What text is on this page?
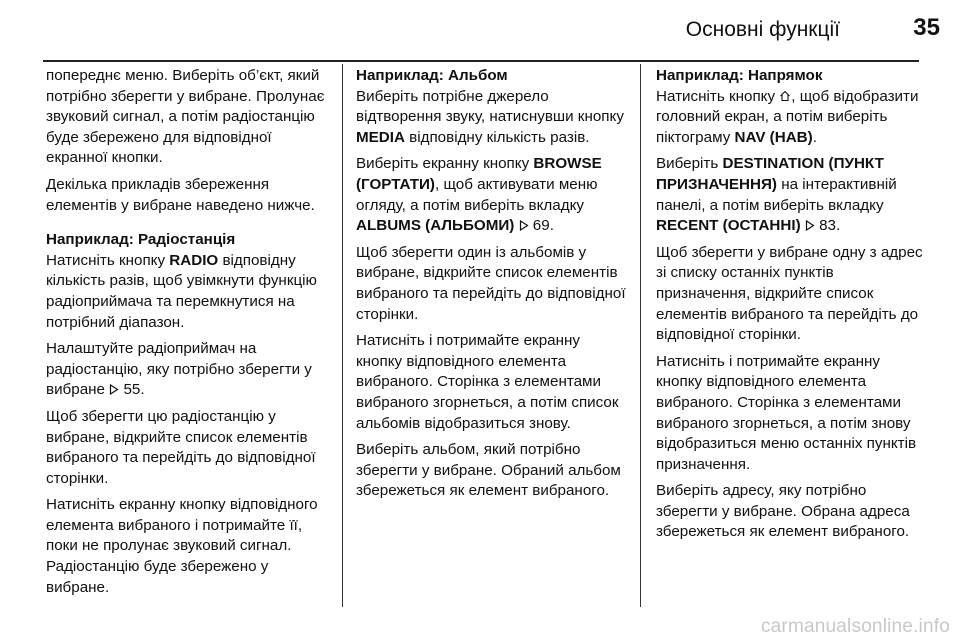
Основні функції	35

попереднє меню. Виберіть об’єкт, який потрібно зберегти у вибране. Пролунає звуковий сигнал, а потім радіостанцію буде збережено для відповідної екранної кнопки.

Декілька прикладів збереження елементів у вибране наведено нижче.

Наприклад: Радіостанція

Натисніть кнопку RADIO відповідну кількість разів, щоб увімкнути функцію радіоприймача та перемкнутися на потрібний діапазон.

Налаштуйте радіоприймач на радіостанцію, яку потрібно зберегти у вибране  55.

Щоб зберегти цю радіостанцію у вибране, відкрийте список елементів вибраного та перейдіть до відповідної сторінки.

Натисніть екранну кнопку відповідного елемента вибраного і потримайте її, поки не пролунає звуковий сигнал. Радіостанцію буде збережено у вибране.

Наприклад: Альбом

Виберіть потрібне джерело відтворення звуку, натиснувши кнопку MEDIA відповідну кількість разів.

Виберіть екранну кнопку BROWSE (ГОРТАТИ), щоб активувати меню огляду, а потім виберіть вкладку ALBUMS (АЛЬБОМИ) 69.

Щоб зберегти один із альбомів у вибране, відкрийте список елементів вибраного та перейдіть до відповідної сторінки.

Натисніть і потримайте екранну кнопку відповідного елемента вибраного. Сторінка з елементами вибраного згорнеться, а потім список альбомів відобразиться знову.

Виберіть альбом, який потрібно зберегти у вибране. Обраний альбом збережеться як елемент вибраного.

Наприклад: Напрямок

Натисніть кнопку , щоб відобразити головний екран, а потім виберіть піктограму NAV (НАВ).

Виберіть DESTINATION (ПУНКТ ПРИЗНАЧЕННЯ) на інтерактивній панелі, а потім виберіть вкладку RECENT (ОСТАННІ) 83.

Щоб зберегти у вибране одну з адрес зі списку останніх пунктів призначення, відкрийте список елементів вибраного та перейдіть до відповідної сторінки.

Натисніть і потримайте екранну кнопку відповідного елемента вибраного. Сторінка з елементами вибраного згорнеться, а потім знову відобразиться меню останніх пунктів призначення.

Виберіть адресу, яку потрібно зберегти у вибране. Обрана адреса збережеться як елемент вибраного.

carmanualsonline.info
